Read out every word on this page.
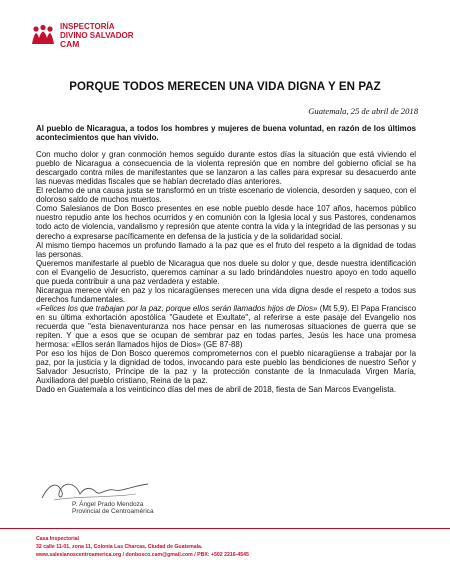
INSPECTORÍA
DIVINO SALVADOR
CAM
PORQUE TODOS MERECEN UNA VIDA DIGNA Y EN PAZ
Guatemala, 25 de abril de 2018

Al pueblo de Nicaragua, a todos los hombres y mujeres de buena voluntad, en razón de los últimos acontecimientos que han vivido.

Con mucho dolor y gran conmoción hemos seguido durante estos días la situación que está viviendo el pueblo de Nicaragua a consecuencia de la violenta represión que en nombre del gobierno oficial se ha descargado contra miles de manifestantes que se lanzaron a las calles para expresar su desacuerdo ante las nuevas medidas fiscales que se habían decretado días anteriores.

El reclamo de una causa justa se transformó en un triste escenario de violencia, desorden y saqueo, con el doloroso saldo de muchos muertos.

Como Salesianos de Don Bosco presentes en ese noble pueblo desde hace 107 años, hacemos público nuestro repudio ante los hechos ocurridos y en comunión con la Iglesia local y sus Pastores, condenamos todo acto de violencia, vandalismo y represión que atente contra la vida y la integridad de las personas y su derecho a expresarse pacíficamente en defensa de la justicia y de la solidaridad social.

Al mismo tiempo hacemos un profundo llamado a la paz que es el fruto del respeto a la dignidad de todas las personas.

Queremos manifestarle al pueblo de Nicaragua que nos duele su dolor y que, desde nuestra identificación con el Evangelio de Jesucristo, queremos caminar a su lado brindándoles nuestro apoyo en todo aquello que pueda contribuir a una paz verdadera y estable.

Nicaragua merece vivir en paz y los nicaragüenses merecen una vida digna desde el respeto a todos sus derechos fundamentales.

«Felices los que trabajan por la paz, porque ellos serán llamados hijos de Dios» (Mt 5,9). El Papa Francisco en su última exhortación apostólica "Gaudete et Exultate", al referirse a este pasaje del Evangelio nos recuerda que "esta bienaventuranza nos hace pensar en las numerosas situaciones de guerra que se repiten. Y que a esos que se ocupan de sembrar paz en todas partes, Jesús les hace una promesa hermosa: «Ellos serán llamados hijos de Dios» (GE 87-88)

Por eso los hijos de Don Bosco queremos comprometernos con el pueblo nicaragüense a trabajar por la paz, por la justicia y la dignidad de todos, invocando para este pueblo las bendiciones de nuestro Señor y Salvador Jesucristo, Príncipe de la paz y la protección constante de la Inmaculada Virgen María, Auxiliadora del pueblo cristiano, Reina de la paz.

Dado en Guatemala a los veinticinco días del mes de abril de 2018, fiesta de San Marcos Evangelista.

P. Ángel Prado Mendoza
Provincial de Centroamérica
Casa Inspectorial
32 calle 11-01, zona 11, Colonia Las Charcas, Ciudad de Guatemala.
www.salesianoscentroamerica.org / donbosco.cam@gmail.com / PBX: +502 2216-4545
